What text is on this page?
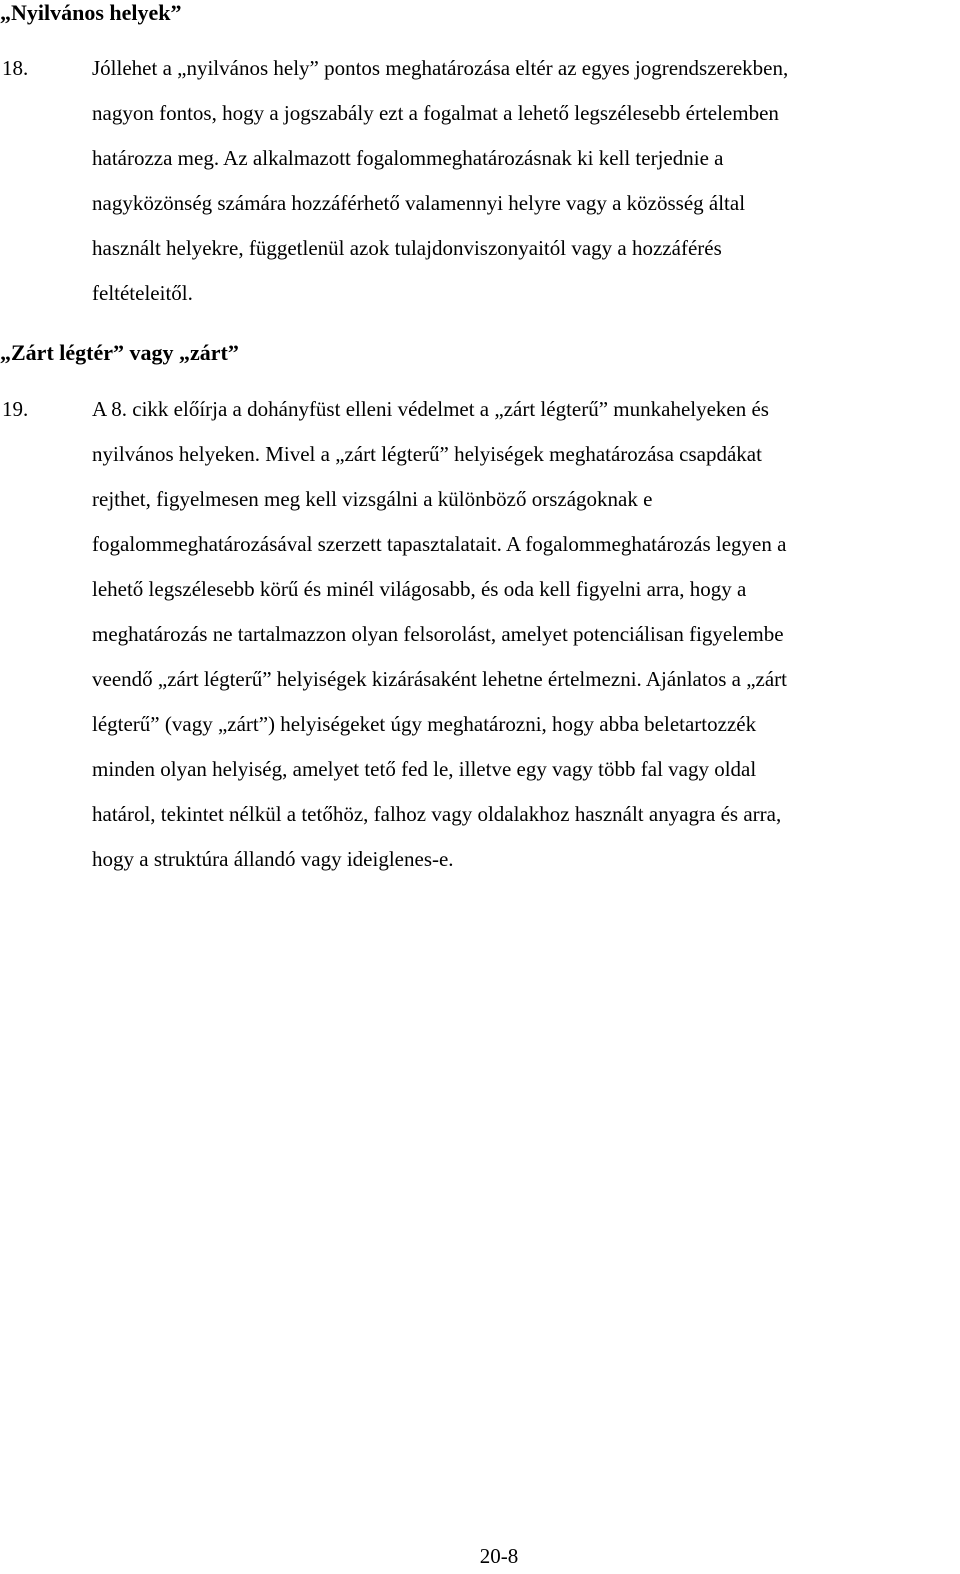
„Nyilvános helyek”
18.	Jóllehet a „nyilvános hely” pontos meghatározása eltér az egyes jogrendszerekben,
nagyon fontos, hogy a jogszabály ezt a fogalmat a lehető legszélesebb értelemben
határozza meg. Az alkalmazott fogalommeghatározásnak ki kell terjednie a
nagyközönség számára hozzáférhető valamennyi helyre vagy a közösség által
használt helyekre, függetlenül azok tulajdonviszonyaitól vagy a hozzáférés
feltételeitől.
„Zárt légtér” vagy „zárt”
19.	A 8. cikk előírja a dohányfüst elleni védelmet a „zárt légterű” munkahelyeken és
nyilvános helyeken. Mivel a „zárt légterű” helyiségek meghatározása csapdákat
rejthet, figyelmesen meg kell vizsgálni a különböző országoknak e
fogalommeghatározásával szerzett tapasztalatait. A fogalommeghatározás legyen a
lehető legszélesebb körű és minél világosabb, és oda kell figyelni arra, hogy a
meghatározás ne tartalmazzon olyan felsorolást, amelyet potenciálisan figyelembe
veendő „zárt légterű” helyiségek kizárásaként lehetne értelmezni. Ajánlatos a „zárt
légterű” (vagy „zárt”) helyiségeket úgy meghatározni, hogy abba beletartozzék
minden olyan helyiség, amelyet tető fed le, illetve egy vagy több fal vagy oldal
határol, tekintet nélkül a tetőhöz, falhoz vagy oldalakhoz használt anyagra és arra,
hogy a struktúra állandó vagy ideiglenes-e.
20-8
